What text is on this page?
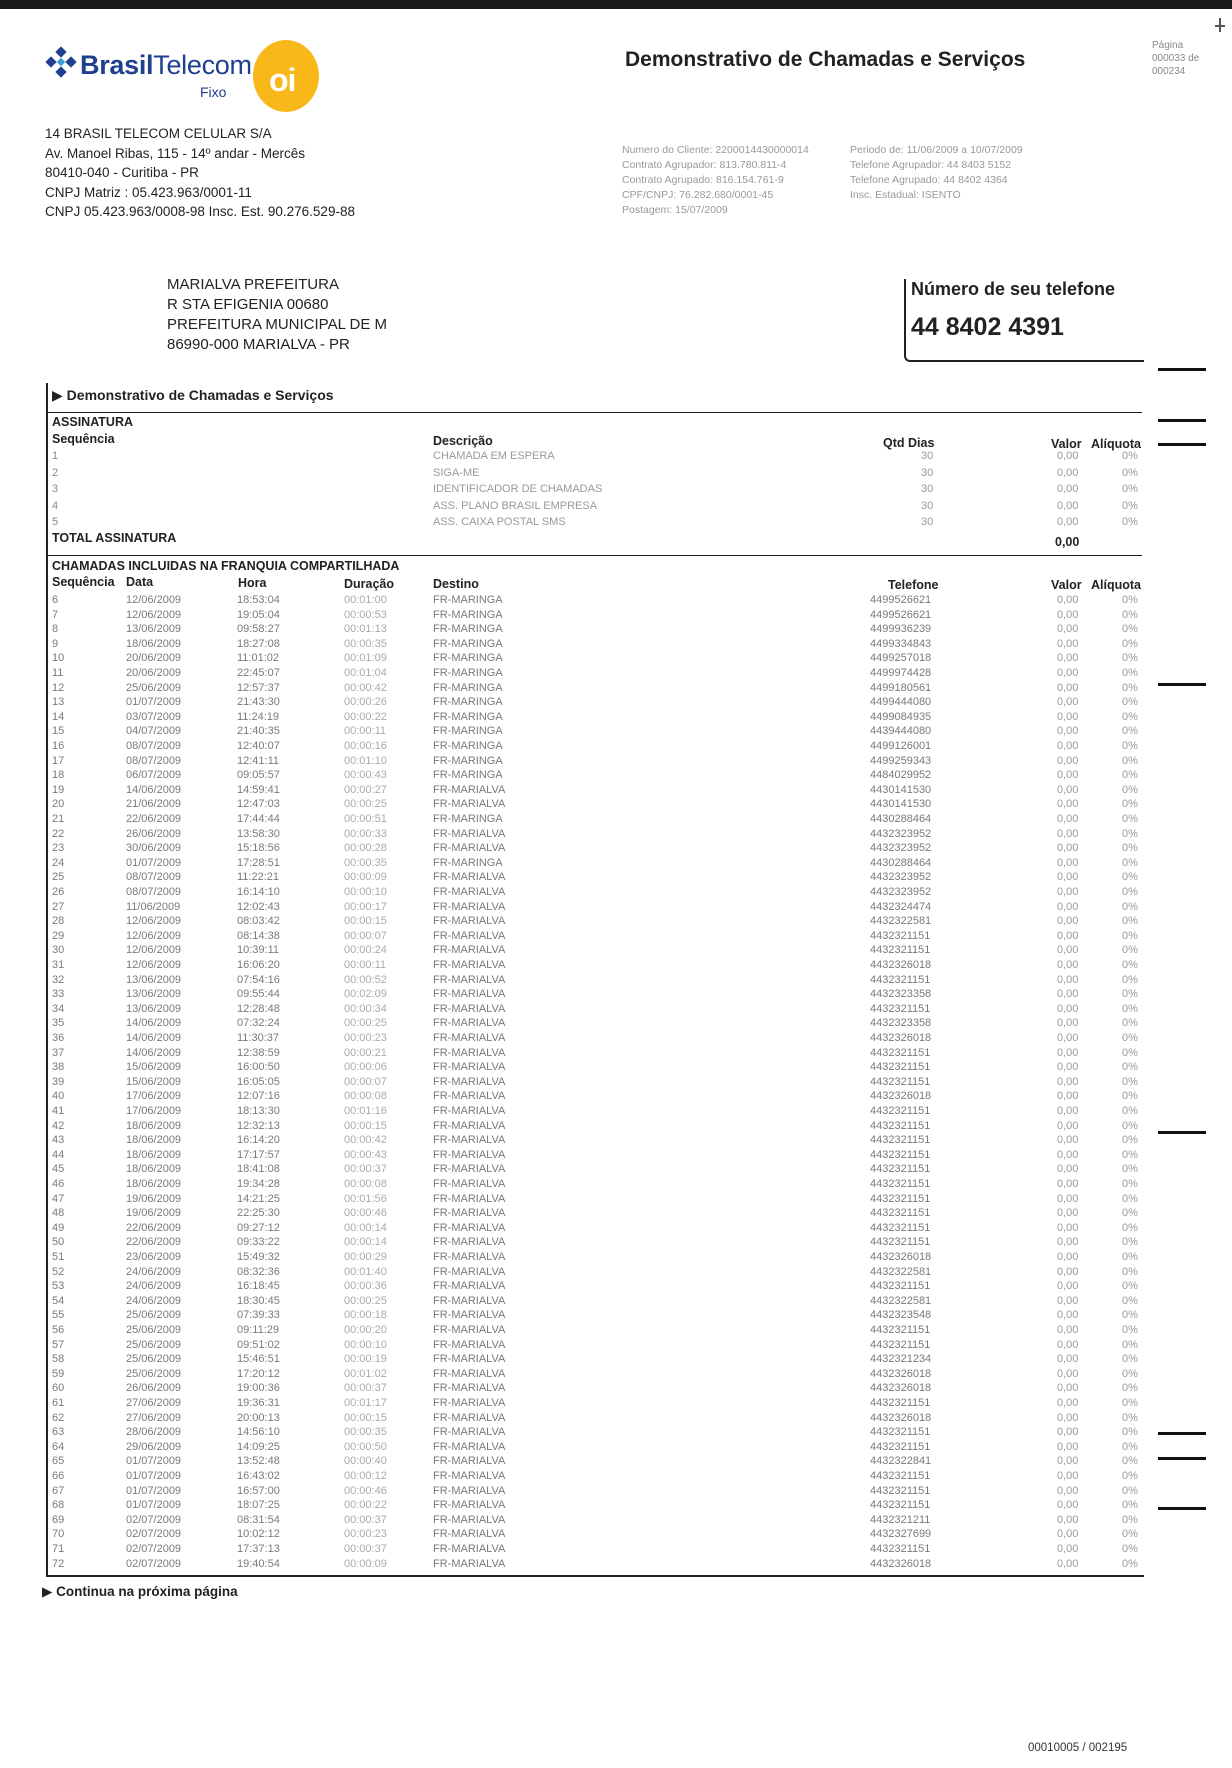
BrasilTelecom
Fixo oi
14 BRASIL TELECOM CELULAR S/A
Av. Manoel Ribas, 115 - 14º andar - Mercês
80410-040 - Curitiba - PR
CNPJ Matriz : 05.423.963/0001-11
CNPJ 05.423.963/0008-98 Insc. Est. 90.276.529-88
Demonstrativo de Chamadas e Serviços
Página
000033 de
000234
Numero do Cliente: 2200014430000014
Contrato Agrupador: 813.780.811-4
Contrato Agrupado: 816.154.761-9
CPF/CNPJ: 76.282.680/0001-45
Postagem: 15/07/2009
Periodo de: 11/06/2009 a 10/07/2009
Telefone Agrupador: 44 8403 5152
Telefone Agrupado: 44 8402 4364
Insc. Estadual: ISENTO
MARIALVA PREFEITURA
R STA EFIGENIA 00680
PREFEITURA MUNICIPAL DE M
86990-000 MARIALVA - PR
Número de seu telefone
44 8402 4391
▶ Demonstrativo de Chamadas e Serviços
ASSINATURA
Sequência	Descrição	Qtd Dias	Valor Alíquota
1	CHAMADA EM ESPERA	30	0,00	0%
2	SIGA-ME	30	0,00	0%
3	IDENTIFICADOR DE CHAMADAS	30	0,00	0%
4	ASS. PLANO BRASIL EMPRESA	30	0,00	0%
5	ASS. CAIXA POSTAL SMS	30	0,00	0%
TOTAL ASSINATURA	0,00
CHAMADAS INCLUIDAS NA FRANQUIA COMPARTILHADA
Sequência Data	Hora	Duração	Destino	Telefone	Valor Alíquota
6	12/06/2009	18:53:04	00:01:00	FR-MARINGA	4499526621	0,00	0%
7	12/06/2009	19:05:04	00:00:53	FR-MARINGA	4499526621	0,00	0%
8	13/06/2009	09:58:27	00:01:13	FR-MARINGA	4499936239	0,00	0%
9	18/06/2009	18:27:08	00:00:35	FR-MARINGA	4499334843	0,00	0%
10	20/06/2009	11:01:02	00:01:09	FR-MARINGA	4499257018	0,00	0%
11	20/06/2009	22:45:07	00:01:04	FR-MARINGA	4499974428	0,00	0%
12	25/06/2009	12:57:37	00:00:42	FR-MARINGA	4499180561	0,00	0%
13	01/07/2009	21:43:30	00:00:26	FR-MARINGA	4499444080	0,00	0%
14	03/07/2009	11:24:19	00:00:22	FR-MARINGA	4499084935	0,00	0%
15	04/07/2009	21:40:35	00:00:11	FR-MARINGA	4439444080	0,00	0%
16	08/07/2009	12:40:07	00:00:16	FR-MARINGA	4499126001	0,00	0%
17	08/07/2009	12:41:11	00:01:10	FR-MARINGA	4499259343	0,00	0%
18	06/07/2009	09:05:57	00:00:43	FR-MARINGA	4484029952	0,00	0%
19	14/06/2009	14:59:41	00:00:27	FR-MARIALVA	4430141530	0,00	0%
20	21/06/2009	12:47:03	00:00:25	FR-MARIALVA	4430141530	0,00	0%
21	22/06/2009	17:44:44	00:00:51	FR-MARINGA	4430288464	0,00	0%
22	26/06/2009	13:58:30	00:00:33	FR-MARIALVA	4432323952	0,00	0%
23	30/06/2009	15:18:56	00:00:28	FR-MARIALVA	4432323952	0,00	0%
24	01/07/2009	17:28:51	00:00:35	FR-MARINGA	4430288464	0,00	0%
25	08/07/2009	11:22:21	00:00:09	FR-MARIALVA	4432323952	0,00	0%
26	08/07/2009	16:14:10	00:00:10	FR-MARIALVA	4432323952	0,00	0%
27	11/06/2009	12:02:43	00:00:17	FR-MARIALVA	4432324474	0,00	0%
28	12/06/2009	08:03:42	00:00:15	FR-MARIALVA	4432322581	0,00	0%
29	12/06/2009	08:14:38	00:00:07	FR-MARIALVA	4432321151	0,00	0%
30	12/06/2009	10:39:11	00:00:24	FR-MARIALVA	4432321151	0,00	0%
31	12/06/2009	16:06:20	00:00:11	FR-MARIALVA	4432326018	0,00	0%
32	13/06/2009	07:54:16	00:00:52	FR-MARIALVA	4432321151	0,00	0%
33	13/06/2009	09:55:44	00:02:09	FR-MARIALVA	4432323358	0,00	0%
34	13/06/2009	12:28:48	00:00:34	FR-MARIALVA	4432321151	0,00	0%
35	14/06/2009	07:32:24	00:00:25	FR-MARIALVA	4432323358	0,00	0%
36	14/06/2009	11:30:37	00:00:23	FR-MARIALVA	4432326018	0,00	0%
37	14/06/2009	12:38:59	00:00:21	FR-MARIALVA	4432321151	0,00	0%
38	15/06/2009	16:00:50	00:00:06	FR-MARIALVA	4432321151	0,00	0%
39	15/06/2009	16:05:05	00:00:07	FR-MARIALVA	4432321151	0,00	0%
40	17/06/2009	12:07:16	00:00:08	FR-MARIALVA	4432326018	0,00	0%
41	17/06/2009	18:13:30	00:01:16	FR-MARIALVA	4432321151	0,00	0%
42	18/06/2009	12:32:13	00:00:15	FR-MARIALVA	4432321151	0,00	0%
43	18/06/2009	16:14:20	00:00:42	FR-MARIALVA	4432321151	0,00	0%
44	18/06/2009	17:17:57	00:00:43	FR-MARIALVA	4432321151	0,00	0%
45	18/06/2009	18:41:08	00:00:37	FR-MARIALVA	4432321151	0,00	0%
46	18/06/2009	19:34:28	00:00:08	FR-MARIALVA	4432321151	0,00	0%
47	19/06/2009	14:21:25	00:01:56	FR-MARIALVA	4432321151	0,00	0%
48	19/06/2009	22:25:30	00:00:46	FR-MARIALVA	4432321151	0,00	0%
49	22/06/2009	09:27:12	00:00:14	FR-MARIALVA	4432321151	0,00	0%
50	22/06/2009	09:33:22	00:00:14	FR-MARIALVA	4432321151	0,00	0%
51	23/06/2009	15:49:32	00:00:29	FR-MARIALVA	4432326018	0,00	0%
52	24/06/2009	08:32:36	00:01:40	FR-MARIALVA	4432322581	0,00	0%
53	24/06/2009	16:18:45	00:00:36	FR-MARIALVA	4432321151	0,00	0%
54	24/06/2009	18:30:45	00:00:25	FR-MARIALVA	4432322581	0,00	0%
55	25/06/2009	07:39:33	00:00:18	FR-MARIALVA	4432323548	0,00	0%
56	25/06/2009	09:11:29	00:00:20	FR-MARIALVA	4432321151	0,00	0%
57	25/06/2009	09:51:02	00:00:10	FR-MARIALVA	4432321151	0,00	0%
58	25/06/2009	15:46:51	00:00:19	FR-MARIALVA	4432321234	0,00	0%
59	25/06/2009	17:20:12	00:01:02	FR-MARIALVA	4432326018	0,00	0%
60	26/06/2009	19:00:36	00:00:37	FR-MARIALVA	4432326018	0,00	0%
61	27/06/2009	19:36:31	00:01:17	FR-MARIALVA	4432321151	0,00	0%
62	27/06/2009	20:00:13	00:00:15	FR-MARIALVA	4432326018	0,00	0%
63	28/06/2009	14:56:10	00:00:35	FR-MARIALVA	4432321151	0,00	0%
64	29/06/2009	14:09:25	00:00:50	FR-MARIALVA	4432321151	0,00	0%
65	01/07/2009	13:52:48	00:00:40	FR-MARIALVA	4432322841	0,00	0%
66	01/07/2009	16:43:02	00:00:12	FR-MARIALVA	4432321151	0,00	0%
67	01/07/2009	16:57:00	00:00:46	FR-MARIALVA	4432321151	0,00	0%
68	01/07/2009	18:07:25	00:00:22	FR-MARIALVA	4432321151	0,00	0%
69	02/07/2009	08:31:54	00:00:37	FR-MARIALVA	4432321211	0,00	0%
70	02/07/2009	10:02:12	00:00:23	FR-MARIALVA	4432327699	0,00	0%
71	02/07/2009	17:37:13	00:00:37	FR-MARIALVA	4432321151	0,00	0%
72	02/07/2009	19:40:54	00:00:09	FR-MARIALVA	4432326018	0,00	0%
▶ Continua na próxima página
00010005 / 002195
